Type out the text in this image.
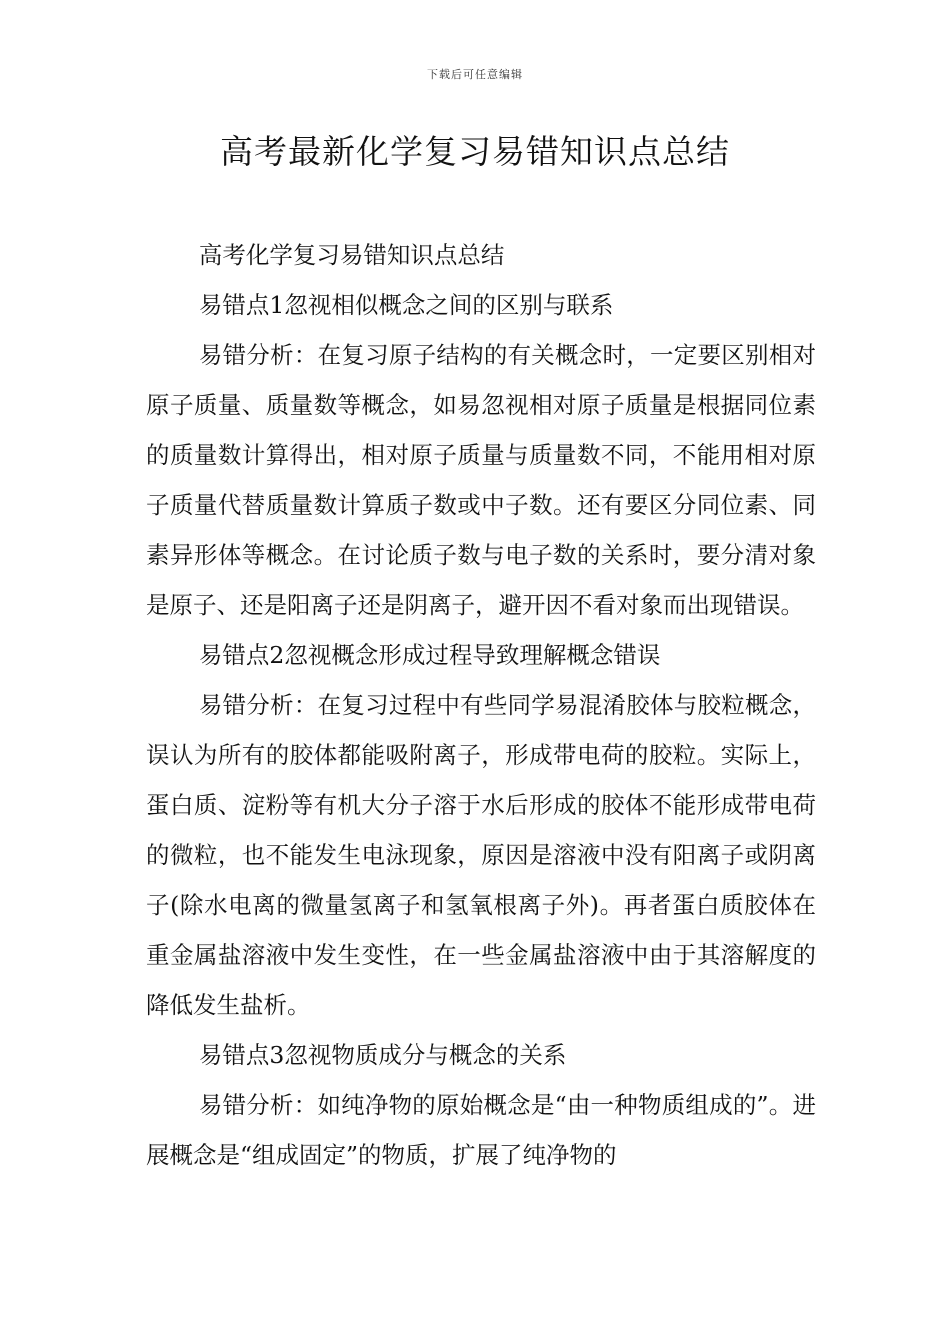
下载后可任意编辑
高考最新化学复习易错知识点总结

高考化学复习易错知识点总结

易错点1忽视相似概念之间的区别与联系

易错分析：在复习原子结构的有关概念时，一定要区别相对原子质量、质量数等概念，如易忽视相对原子质量是根据同位素的质量数计算得出，相对原子质量与质量数不同，不能用相对原子质量代替质量数计算质子数或中子数。还有要区分同位素、同素异形体等概念。在讨论质子数与电子数的关系时，要分清对象是原子、还是阳离子还是阴离子，避开因不看对象而出现错误。

易错点2忽视概念形成过程导致理解概念错误

易错分析：在复习过程中有些同学易混淆胶体与胶粒概念，误认为所有的胶体都能吸附离子，形成带电荷的胶粒。实际上，蛋白质、淀粉等有机大分子溶于水后形成的胶体不能形成带电荷的微粒，也不能发生电泳现象，原因是溶液中没有阳离子或阴离子(除水电离的微量氢离子和氢氧根离子外)。再者蛋白质胶体在重金属盐溶液中发生变性，在一些金属盐溶液中由于其溶解度的降低发生盐析。

易错点3忽视物质成分与概念的关系

易错分析：如纯净物的原始概念是“由一种物质组成的”。进展概念是“组成固定”的物质，扩展了纯净物的
